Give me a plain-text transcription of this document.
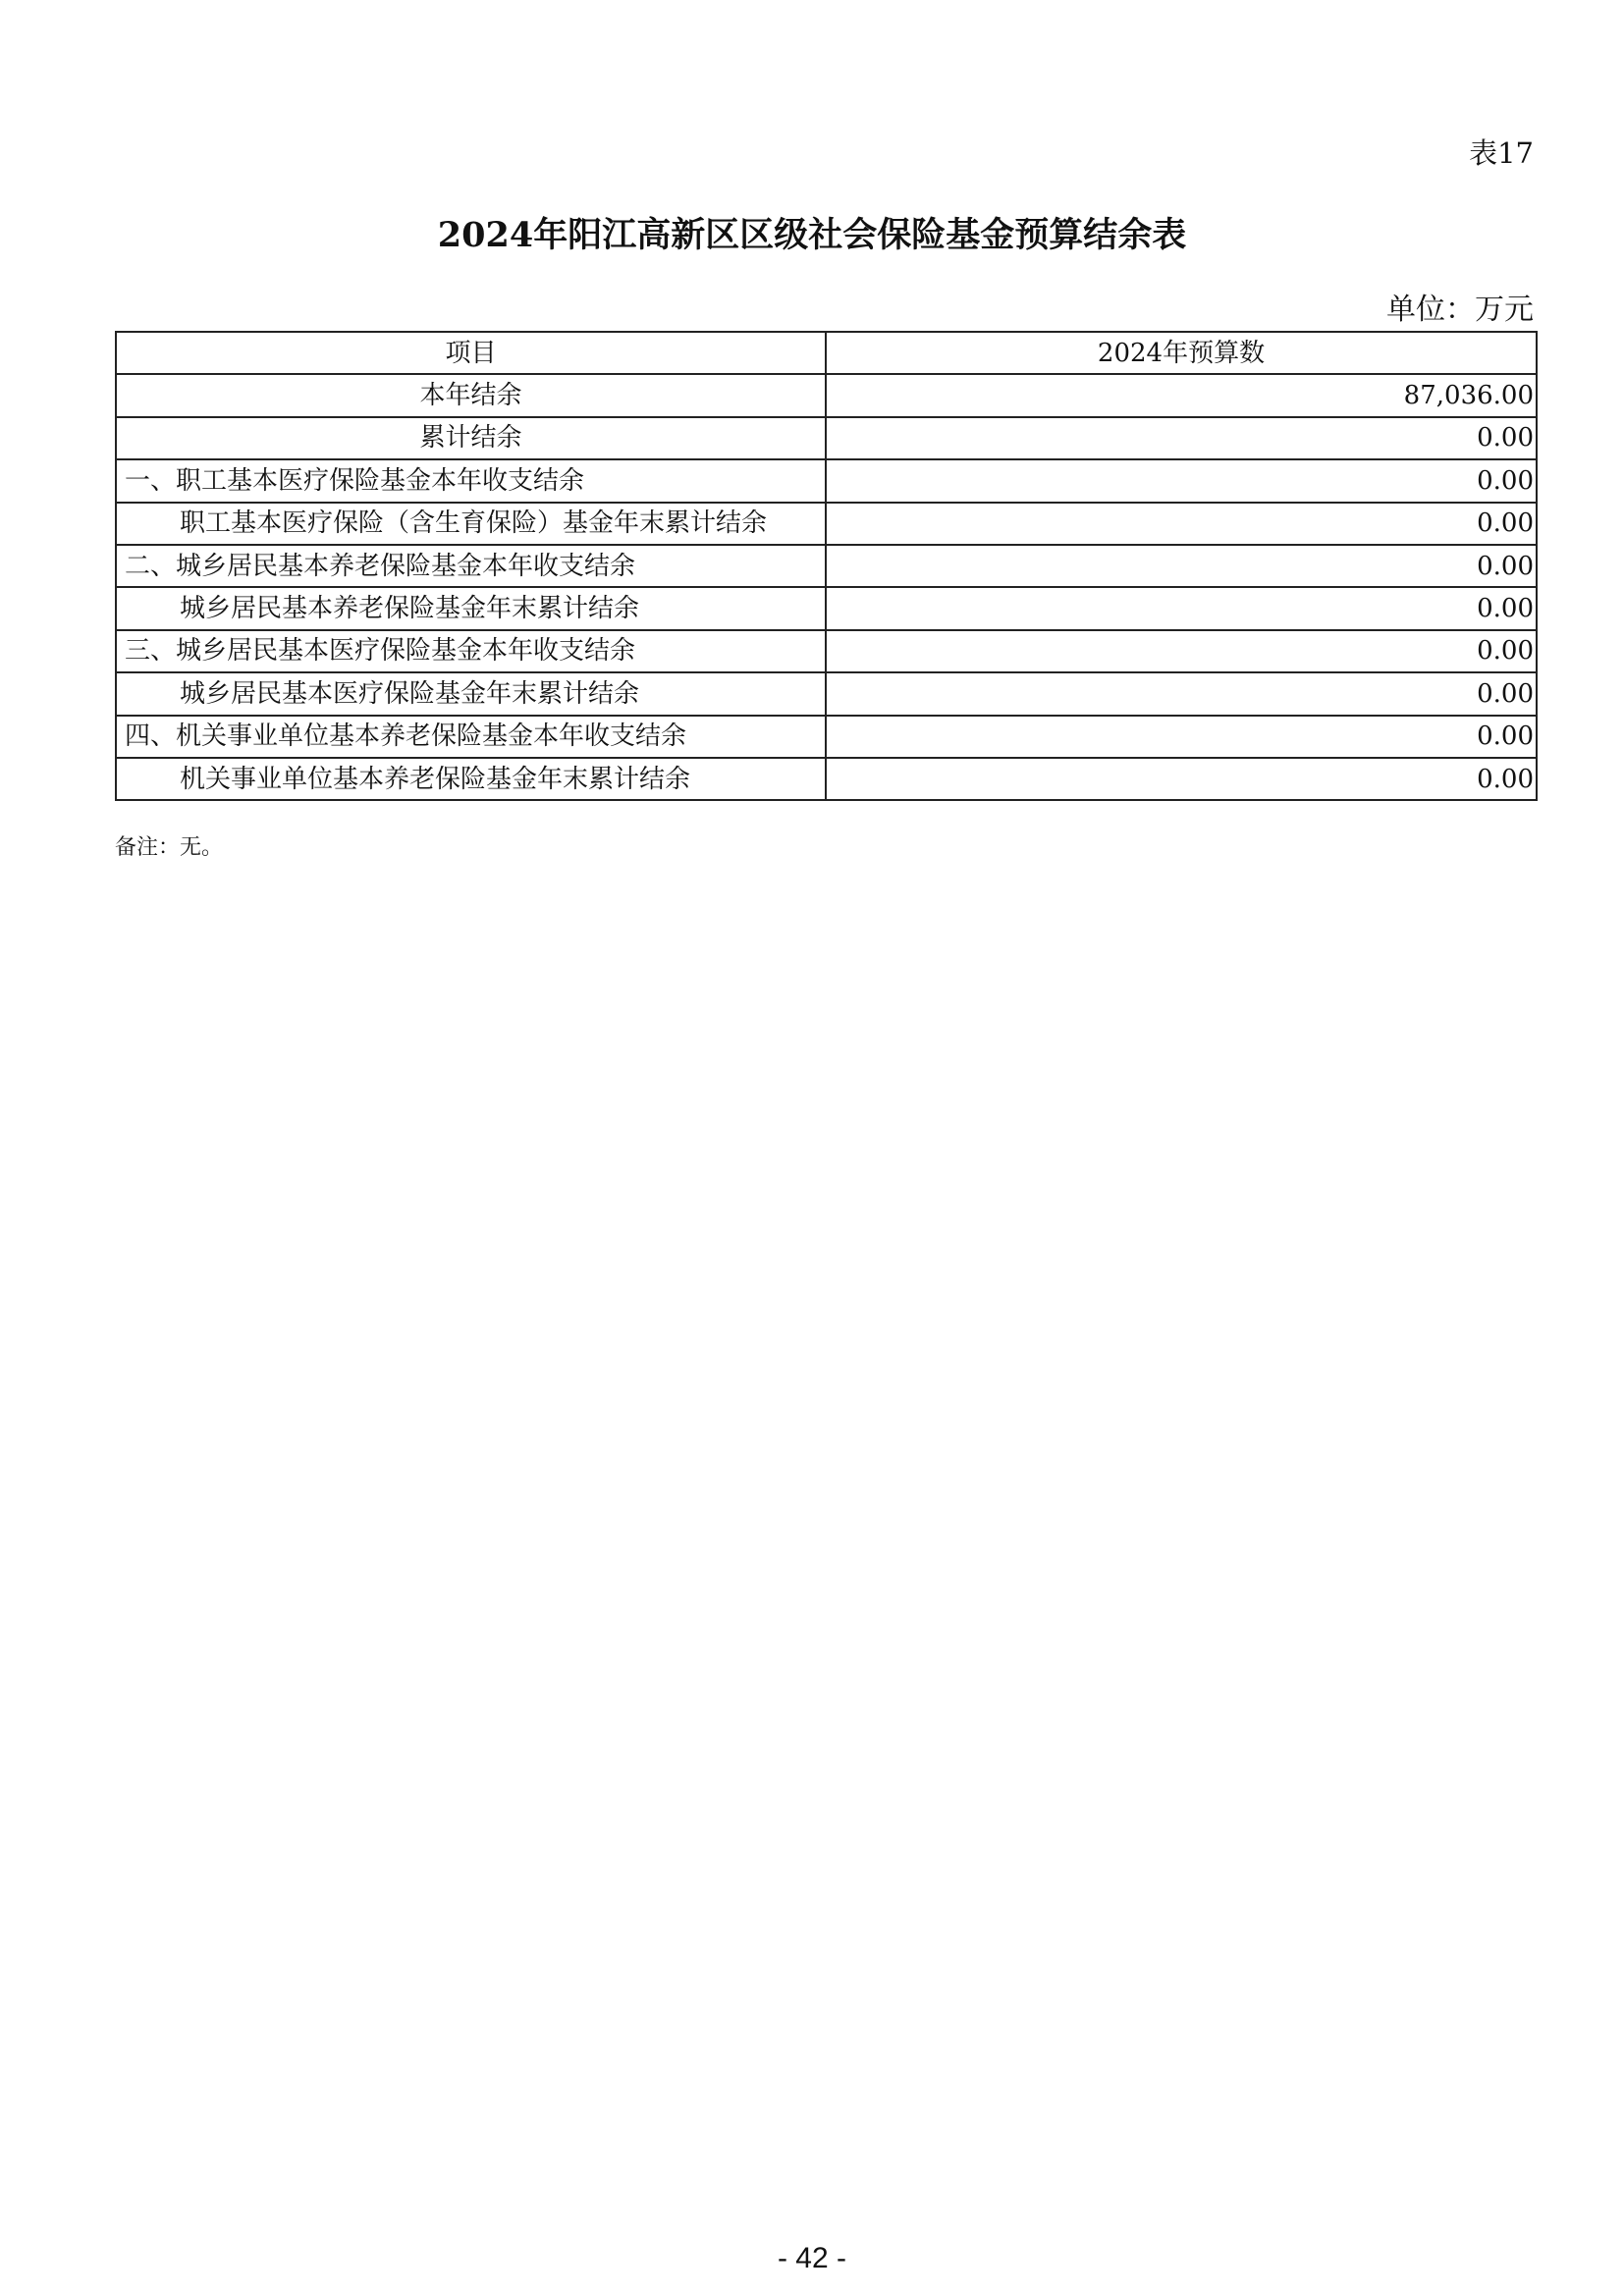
表17
2024年阳江高新区区级社会保险基金预算结余表
单位：万元
项目	2024年预算数
本年结余	87,036.00
累计结余	0.00
一、职工基本医疗保险基金本年收支结余	0.00
职工基本医疗保险（含生育保险）基金年末累计结余	0.00
二、城乡居民基本养老保险基金本年收支结余	0.00
城乡居民基本养老保险基金年末累计结余	0.00
三、城乡居民基本医疗保险基金本年收支结余	0.00
城乡居民基本医疗保险基金年末累计结余	0.00
四、机关事业单位基本养老保险基金本年收支结余	0.00
机关事业单位基本养老保险基金年末累计结余	0.00
备注：无。
- 42 -
